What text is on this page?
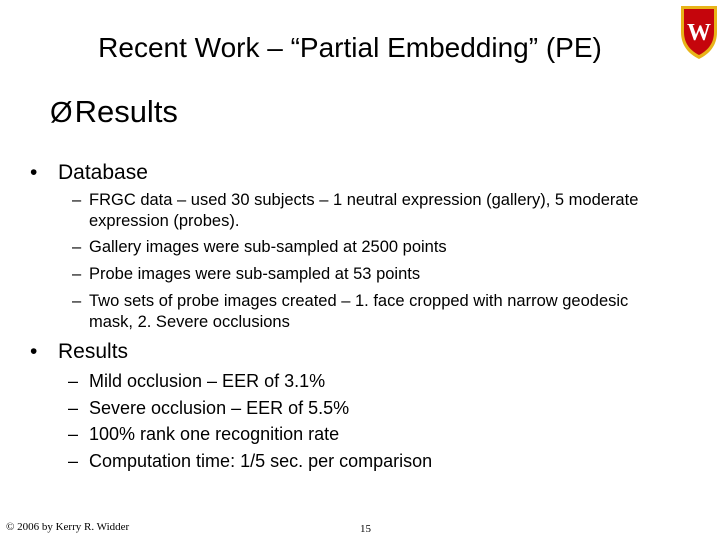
Recent Work – “Partial Embedding” (PE)	W
ØResults
• Database
– FRGC data – used 30 subjects – 1 neutral expression (gallery), 5 moderate expression (probes).
– Gallery images were sub-sampled at 2500 points
– Probe images were sub-sampled at 53 points
– Two sets of probe images created – 1. face cropped with narrow geodesic mask, 2. Severe occlusions
• Results
– Mild occlusion – EER of 3.1%
– Severe occlusion – EER of 5.5%
– 100% rank one recognition rate
– Computation time: 1/5 sec. per comparison
© 2006 by Kerry R. Widder	15
